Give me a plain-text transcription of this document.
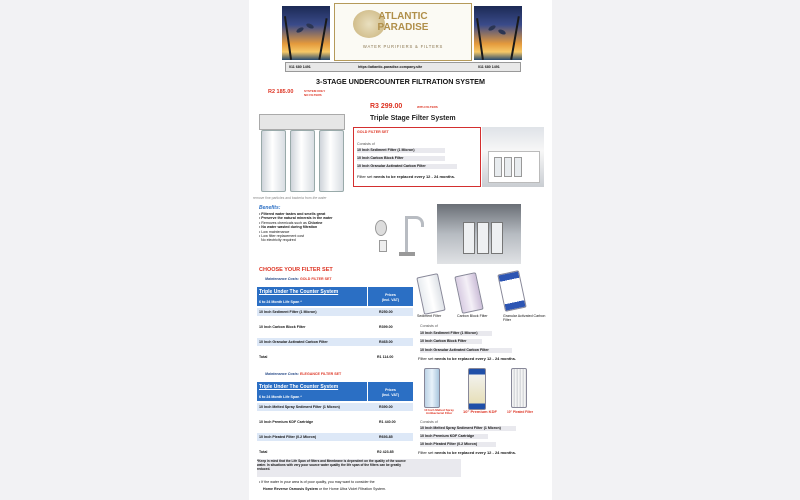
ATLANTIC
PARADISE
WATER PURIFIERS & FILTERS
011 680 1491	https://atlantic-paradise.company.site	011 680 1491
3-STAGE UNDERCOUNTER FILTRATION SYSTEM
R2 185.00	SYSTEM ONLY
NO FILTERS
R3 299.00	WITH FILTERS
Triple Stage Filter System
GOLD FILTER SET
Consists of
10 Inch Sediment Filter (1 Micron)
10 Inch Carbon Block Filter
10 Inch Granular Activated Carbon Filter
Filter set needs to be replaced every 12 - 24 months.
remove fine particles and bacteria from the water
Benefits:
• Filtered water tastes and smells great
• Preserve the natural minerals in the water
• Removes chemicals such as Chlorine
• No water wasted during filtration
• Low maintenance
• Low filter replacement cost
No electricity required
CHOOSE YOUR FILTER SET
Maintenance Costs: GOLD FILTER SET
Triple Under The Counter System
6 to 24 Month Life Span *
Prices
(Incl. VAT)
10 Inch Sediment Filter (1 Micron)	R250.00
10 Inch Carbon Block Filter	R399.00
10 Inch Granular Activated Carbon Filter	R465.00
Total	R1 114.00
Sediment Filter	Carbon Block Filter	Granular Activated Carbon Filter
Consists of
10 Inch Sediment Filter (1 Micron)
10 Inch Carbon Block Filter
10 Inch Granular Activated Carbon Filter
Filter set needs to be replaced every 12 - 24 months.
Maintenance Costs: ELEGANCE FILTER SET
Triple Under The Counter System
6 to 24 Month Life Span *
Prices
(Incl. VAT)
10 Inch Melted Spray Sediment Filter (1 Micron)	R390.00
10 Inch Premium KDF Cartridge	R1 440.00
10 Inch Pleated Filter (0.2 Micron)	R693.85
Total	R2 423.85
10 Inch Melted Spray Antibacterial Filter	10" Premium KDF	10" Pleated Filter
Consists of
10 Inch Melted Spray Sediment Filter (1 Micron)
10 Inch Premium KDF Cartridge
10 Inch Pleated Filter (0.2 Micron)
Filter set needs to be replaced every 12 - 24 months.
*Keep in mind that the Life Span of filters and Membrane is dependent on the quality of the source
water. In situations with very poor source water quality the life span of the filters can be greatly
reduced.
• If the water in your area is of poor quality, you may want to consider the
Home Reverse Osmosis System or the Home Ultra Violet Filtration System.
